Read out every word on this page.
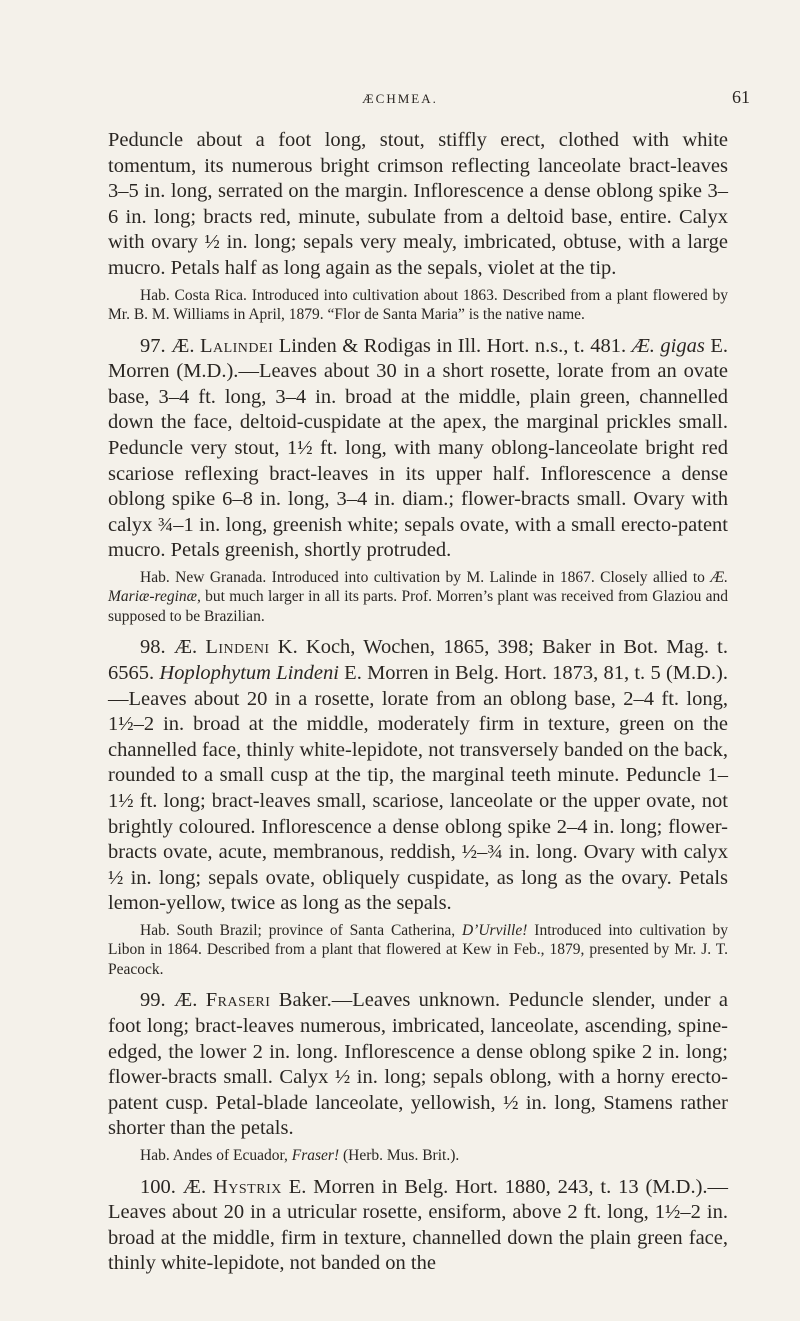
ÆCHMEA.	61

Peduncle about a foot long, stout, stiffly erect, clothed with white tomentum, its numerous bright crimson reflecting lanceolate bract-leaves 3–5 in. long, serrated on the margin. Inflorescence a dense oblong spike 3–6 in. long; bracts red, minute, subulate from a deltoid base, entire. Calyx with ovary ½ in. long; sepals very mealy, imbricated, obtuse, with a large mucro. Petals half as long again as the sepals, violet at the tip.

Hab. Costa Rica. Introduced into cultivation about 1863. Described from a plant flowered by Mr. B. M. Williams in April, 1879. “Flor de Santa Maria” is the native name.

97. Æ. Lalindei Linden & Rodigas in Ill. Hort. n.s., t. 481. Æ. gigas E. Morren (M.D.).—Leaves about 30 in a short rosette, lorate from an ovate base, 3–4 ft. long, 3–4 in. broad at the middle, plain green, channelled down the face, deltoid-cuspidate at the apex, the marginal prickles small. Peduncle very stout, 1½ ft. long, with many oblong-lanceolate bright red scariose reflexing bract-leaves in its upper half. Inflorescence a dense oblong spike 6–8 in. long, 3–4 in. diam.; flower-bracts small. Ovary with calyx ¾–1 in. long, greenish white; sepals ovate, with a small erecto-patent mucro. Petals greenish, shortly protruded.

Hab. New Granada. Introduced into cultivation by M. Lalinde in 1867. Closely allied to Æ. Mariæ-reginæ, but much larger in all its parts. Prof. Morren’s plant was received from Glaziou and supposed to be Brazilian.

98. Æ. Lindeni K. Koch, Wochen, 1865, 398; Baker in Bot. Mag. t. 6565. Hoplophytum Lindeni E. Morren in Belg. Hort. 1873, 81, t. 5 (M.D.).—Leaves about 20 in a rosette, lorate from an oblong base, 2–4 ft. long, 1½–2 in. broad at the middle, moderately firm in texture, green on the channelled face, thinly white-lepidote, not transversely banded on the back, rounded to a small cusp at the tip, the marginal teeth minute. Peduncle 1–1½ ft. long; bract-leaves small, scariose, lanceolate or the upper ovate, not brightly coloured. Inflorescence a dense oblong spike 2–4 in. long; flower-bracts ovate, acute, membranous, reddish, ½–¾ in. long. Ovary with calyx ½ in. long; sepals ovate, obliquely cuspidate, as long as the ovary. Petals lemon-yellow, twice as long as the sepals.

Hab. South Brazil; province of Santa Catherina, D’Urville! Introduced into cultivation by Libon in 1864. Described from a plant that flowered at Kew in Feb., 1879, presented by Mr. J. T. Peacock.

99. Æ. Fraseri Baker.—Leaves unknown. Peduncle slender, under a foot long; bract-leaves numerous, imbricated, lanceolate, ascending, spine-edged, the lower 2 in. long. Inflorescence a dense oblong spike 2 in. long; flower-bracts small. Calyx ½ in. long; sepals oblong, with a horny erecto-patent cusp. Petal-blade lanceolate, yellowish, ½ in. long, Stamens rather shorter than the petals.

Hab. Andes of Ecuador, Fraser! (Herb. Mus. Brit.).

100. Æ. Hystrix E. Morren in Belg. Hort. 1880, 243, t. 13 (M.D.).—Leaves about 20 in a utricular rosette, ensiform, above 2 ft. long, 1½–2 in. broad at the middle, firm in texture, channelled down the plain green face, thinly white-lepidote, not banded on the
